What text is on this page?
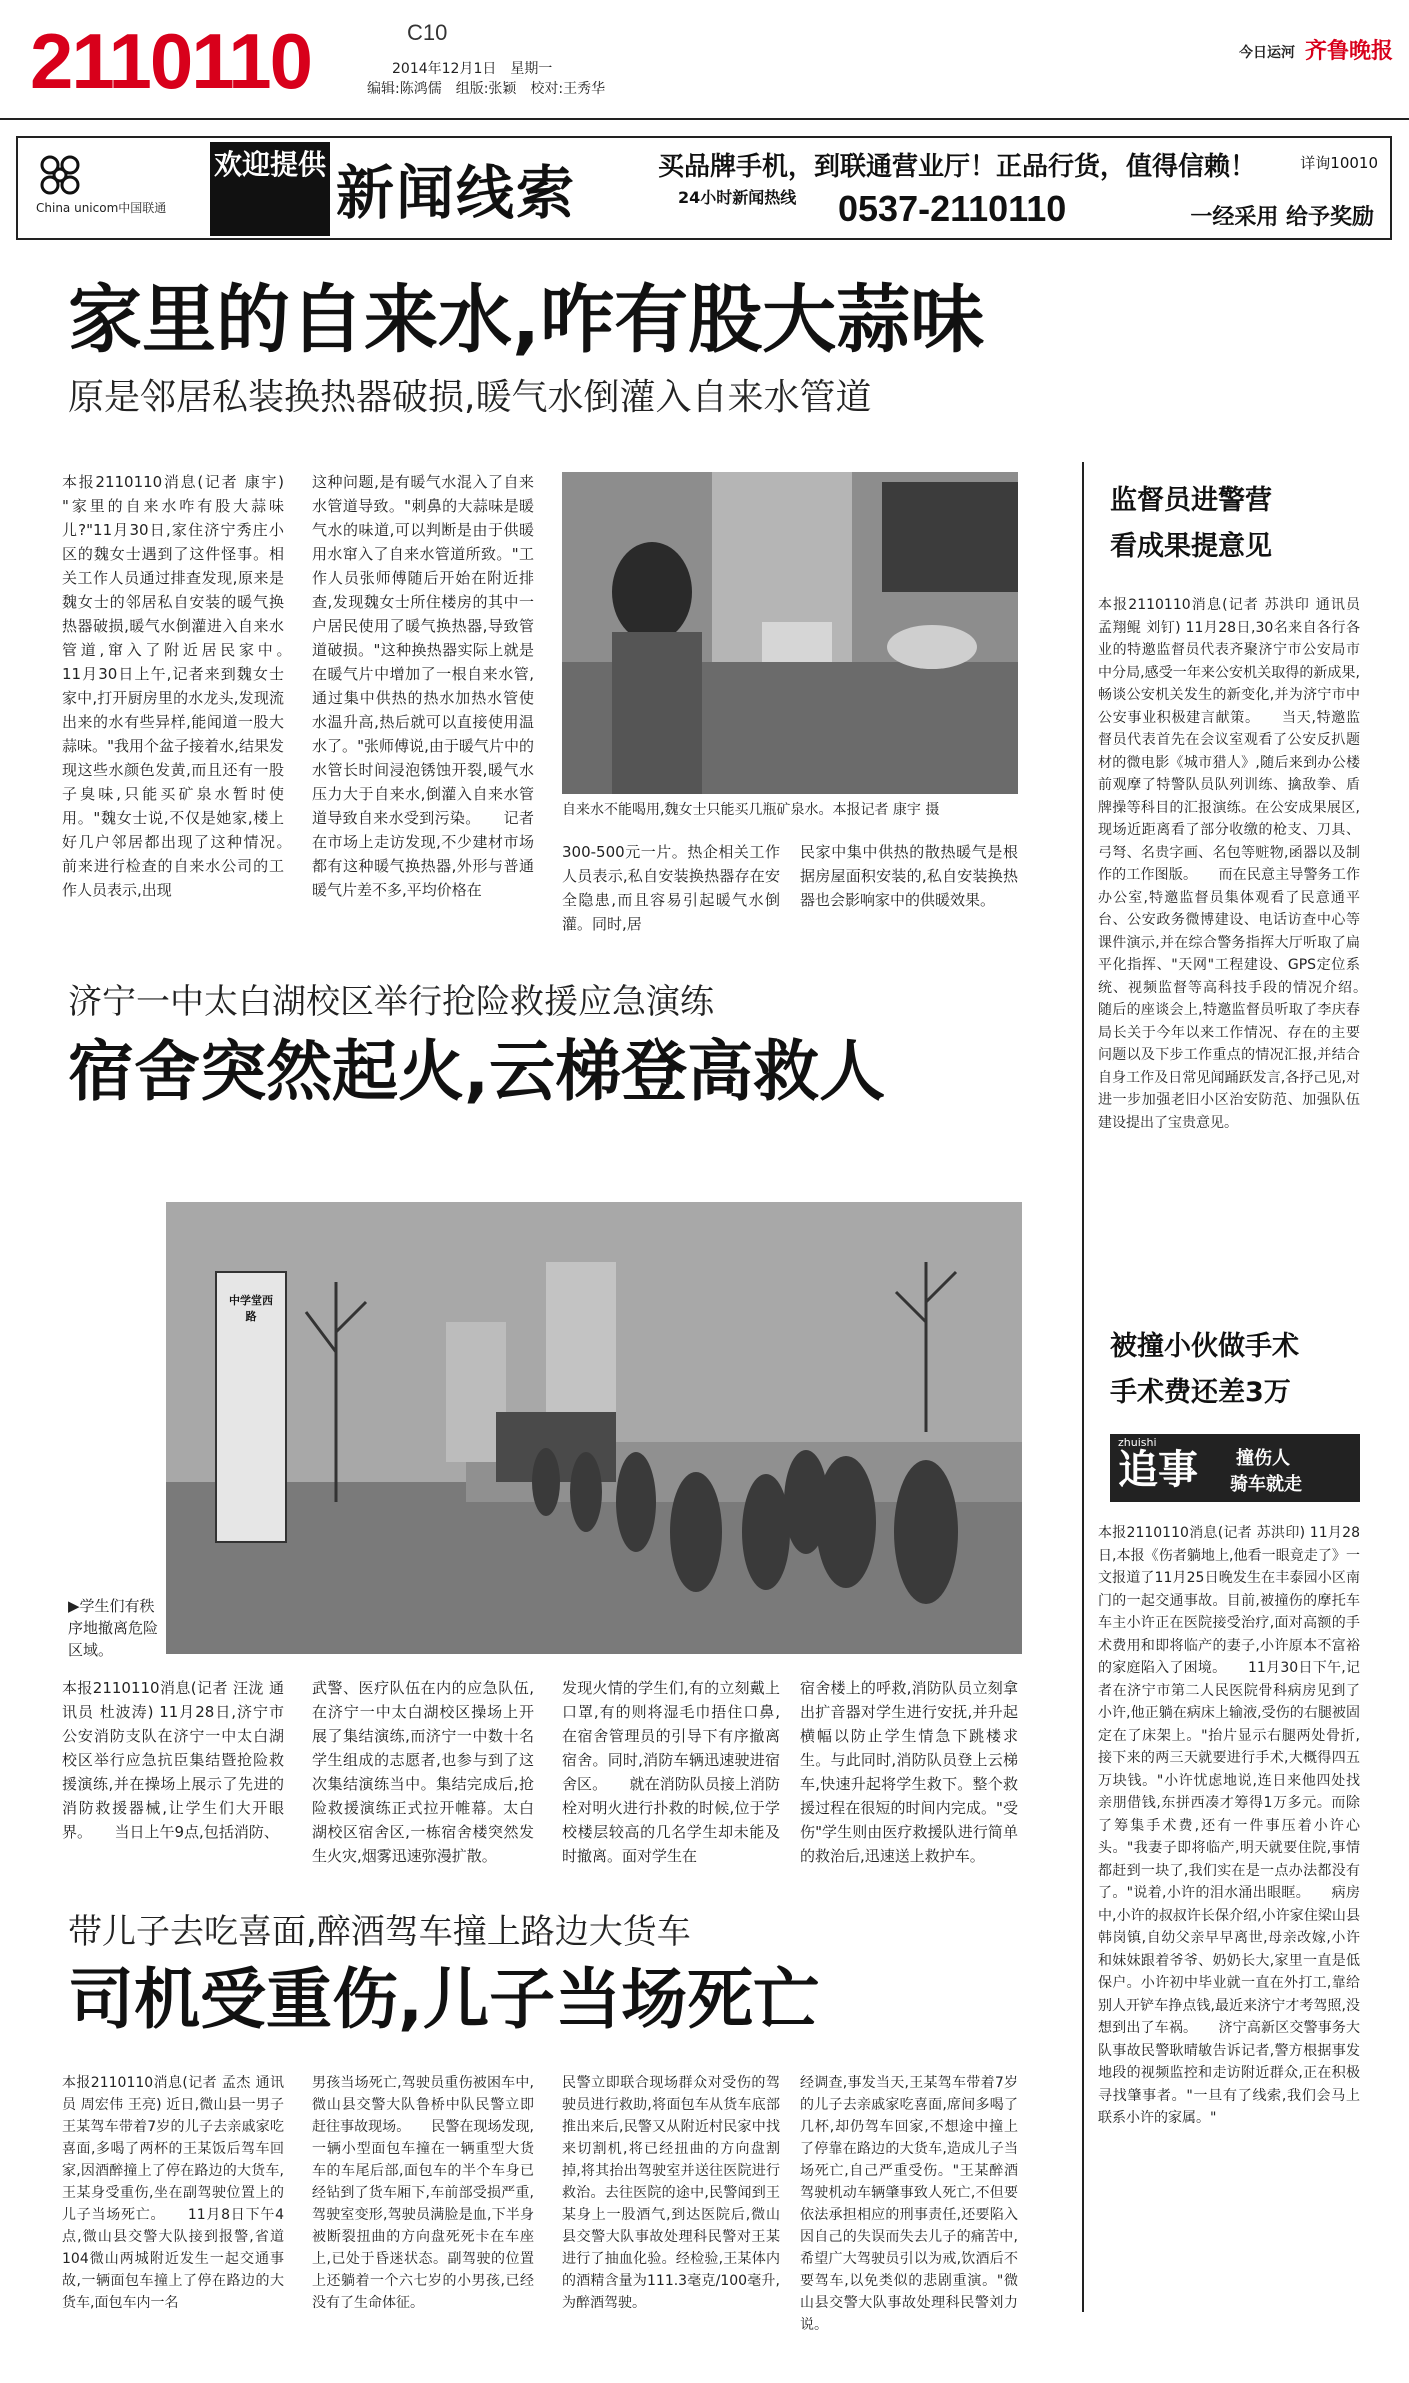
2110110	C10
2014年12月1日　星期一
编辑:陈鸿儒　组版:张颖　校对:王秀华
今日运河 齐鲁晚报
China unicom中国联通
欢迎提供 新闻线索	买品牌手机，到联通营业厅！正品行货，值得信赖！	详询10010
24小时新闻热线	0537-2110110	一经采用 给予奖励
家里的自来水,咋有股大蒜味
原是邻居私装换热器破损,暖气水倒灌入自来水管道
本报2110110消息(记者 康宇) "家里的自来水咋有股大蒜味儿?"11月30日,家住济宁秀庄小区的魏女士遇到了这件怪事。相关工作人员通过排查发现,原来是魏女士的邻居私自安装的暖气换热器破损,暖气水倒灌进入自来水管道,窜入了附近居民家中。　　11月30日上午,记者来到魏女士家中,打开厨房里的水龙头,发现流出来的水有些异样,能闻道一股大蒜味。"我用个盆子接着水,结果发现这些水颜色发黄,而且还有一股子臭味,只能买矿泉水暂时使用。"魏女士说,不仅是她家,楼上好几户邻居都出现了这种情况。　　前来进行检查的自来水公司的工作人员表示,出现
这种问题,是有暖气水混入了自来水管道导致。"刺鼻的大蒜味是暖气水的味道,可以判断是由于供暖用水窜入了自来水管道所致。"工作人员张师傅随后开始在附近排查,发现魏女士所住楼房的其中一户居民使用了暖气换热器,导致管道破损。"这种换热器实际上就是在暖气片中增加了一根自来水管,通过集中供热的热水加热水管使水温升高,热后就可以直接使用温水了。"张师傅说,由于暖气片中的水管长时间浸泡锈蚀开裂,暖气水压力大于自来水,倒灌入自来水管道导致自来水受到污染。　　记者在市场上走访发现,不少建材市场都有这种暖气换热器,外形与普通暖气片差不多,平均价格在
自来水不能喝用,魏女士只能买几瓶矿泉水。本报记者 康宇 摄
300-500元一片。热企相关工作人员表示,私自安装换热器存在安全隐患,而且容易引起暖气水倒灌。同时,居
民家中集中供热的散热暖气是根据房屋面积安装的,私自安装换热器也会影响家中的供暖效果。
监督员进警营
看成果提意见
本报2110110消息(记者 苏洪印 通讯员 孟翔鲲 刘钉) 11月28日,30名来自各行各业的特邀监督员代表齐聚济宁市公安局市中分局,感受一年来公安机关取得的新成果,畅谈公安机关发生的新变化,并为济宁市中公安事业积极建言献策。　　当天,特邀监督员代表首先在会议室观看了公安反扒题材的微电影《城市猎人》,随后来到办公楼前观摩了特警队员队列训练、擒敌拳、盾牌操等科目的汇报演练。在公安成果展区,现场近距离看了部分收缴的枪支、刀具、弓弩、名贵字画、名包等赃物,函器以及制作的工作图版。　　而在民意主导警务工作办公室,特邀监督员集体观看了民意通平台、公安政务微博建设、电话访查中心等课件演示,并在综合警务指挥大厅听取了扁平化指挥、"天网"工程建设、GPS定位系统、视频监督等高科技手段的情况介绍。　　随后的座谈会上,特邀监督员听取了李庆春局长关于今年以来工作情况、存在的主要问题以及下步工作重点的情况汇报,并结合自身工作及日常见闻踊跃发言,各抒己见,对进一步加强老旧小区治安防范、加强队伍建设提出了宝贵意见。
被撞小伙做手术
手术费还差3万
zhuishi
追事 撞伤人
骑车就走
本报2110110消息(记者 苏洪印) 11月28日,本报《伤者躺地上,他看一眼竟走了》一文报道了11月25日晚发生在丰泰园小区南门的一起交通事故。目前,被撞伤的摩托车车主小许正在医院接受治疗,面对高额的手术费用和即将临产的妻子,小许原本不富裕的家庭陷入了困境。　　11月30日下午,记者在济宁市第二人民医院骨科病房见到了小许,他正躺在病床上输液,受伤的右腿被固定在了床架上。"抬片显示右腿两处骨折,接下来的两三天就要进行手术,大概得四五万块钱。"小许忧虑地说,连日来他四处找亲朋借钱,东拼西凑才筹得1万多元。而除了筹集手术费,还有一件事压着小许心头。"我妻子即将临产,明天就要住院,事情都赶到一块了,我们实在是一点办法都没有了。"说着,小许的泪水涌出眼眶。　　病房中,小许的叔叔许长保介绍,小许家住梁山县韩岗镇,自幼父亲早早离世,母亲改嫁,小许和妹妹跟着爷爷、奶奶长大,家里一直是低保户。小许初中毕业就一直在外打工,靠给别人开铲车挣点钱,最近来济宁才考驾照,没想到出了车祸。　　济宁高新区交警事务大队事故民警耿晴敏告诉记者,警方根据事发地段的视频监控和走访附近群众,正在积极寻找肇事者。"一旦有了线索,我们会马上联系小许的家属。"
济宁一中太白湖校区举行抢险救援应急演练
宿舍突然起火,云梯登高救人
中学堂西路
▶学生们有秩序地撤离危险区域。
本报2110110消息(记者 汪泷 通讯员 杜波涛) 11月28日,济宁市公安消防支队在济宁一中太白湖校区举行应急抗臣集结暨抢险救援演练,并在操场上展示了先进的消防救援器械,让学生们大开眼界。　　当日上午9点,包括消防、
武警、医疗队伍在内的应急队伍,在济宁一中太白湖校区操场上开展了集结演练,而济宁一中数十名学生组成的志愿者,也参与到了这次集结演练当中。集结完成后,抢险救援演练正式拉开帷幕。太白湖校区宿舍区,一栋宿舍楼突然发生火灾,烟雾迅速弥漫扩散。
发现火情的学生们,有的立刻戴上口罩,有的则将湿毛巾捂住口鼻,在宿舍管理员的引导下有序撤离宿舍。同时,消防车辆迅速驶进宿舍区。　　就在消防队员接上消防栓对明火进行扑救的时候,位于学校楼层较高的几名学生却未能及时撤离。面对学生在
宿舍楼上的呼救,消防队员立刻拿出扩音器对学生进行安抚,并升起横幅以防止学生情急下跳楼求生。与此同时,消防队员登上云梯车,快速升起将学生救下。整个救援过程在很短的时间内完成。"受伤"学生则由医疗救援队进行简单的救治后,迅速送上救护车。
带儿子去吃喜面,醉酒驾车撞上路边大货车
司机受重伤,儿子当场死亡
本报2110110消息(记者 孟杰 通讯员 周宏伟 王亮) 近日,微山县一男子王某驾车带着7岁的儿子去亲戚家吃喜面,多喝了两杯的王某饭后驾车回家,因酒醉撞上了停在路边的大货车,王某身受重伤,坐在副驾驶位置上的儿子当场死亡。　　11月8日下午4点,微山县交警大队接到报警,省道104微山两城附近发生一起交通事故,一辆面包车撞上了停在路边的大货车,面包车内一名
男孩当场死亡,驾驶员重伤被困车中,微山县交警大队鲁桥中队民警立即赶往事故现场。　　民警在现场发现,一辆小型面包车撞在一辆重型大货车的车尾后部,面包车的半个车身已经钻到了货车厢下,车前部受损严重,驾驶室变形,驾驶员满脸是血,下半身被断裂扭曲的方向盘死死卡在车座上,已处于昏迷状态。副驾驶的位置上还躺着一个六七岁的小男孩,已经没有了生命体征。
民警立即联合现场群众对受伤的驾驶员进行救助,将面包车从货车底部推出来后,民警又从附近村民家中找来切割机,将已经扭曲的方向盘割掉,将其抬出驾驶室并送往医院进行救治。去往医院的途中,民警闻到王某身上一股酒气,到达医院后,微山县交警大队事故处理科民警对王某进行了抽血化验。经检验,王某体内的酒精含量为111.3毫克/100毫升,为醉酒驾驶。
经调查,事发当天,王某驾车带着7岁的儿子去亲戚家吃喜面,席间多喝了几杯,却仍驾车回家,不想途中撞上了停靠在路边的大货车,造成儿子当场死亡,自己严重受伤。"王某醉酒驾驶机动车辆肇事致人死亡,不但要依法承担相应的刑事责任,还要陷入因自己的失误而失去儿子的痛苦中,希望广大驾驶员引以为戒,饮酒后不要驾车,以免类似的悲剧重演。"微山县交警大队事故处理科民警刘力说。
